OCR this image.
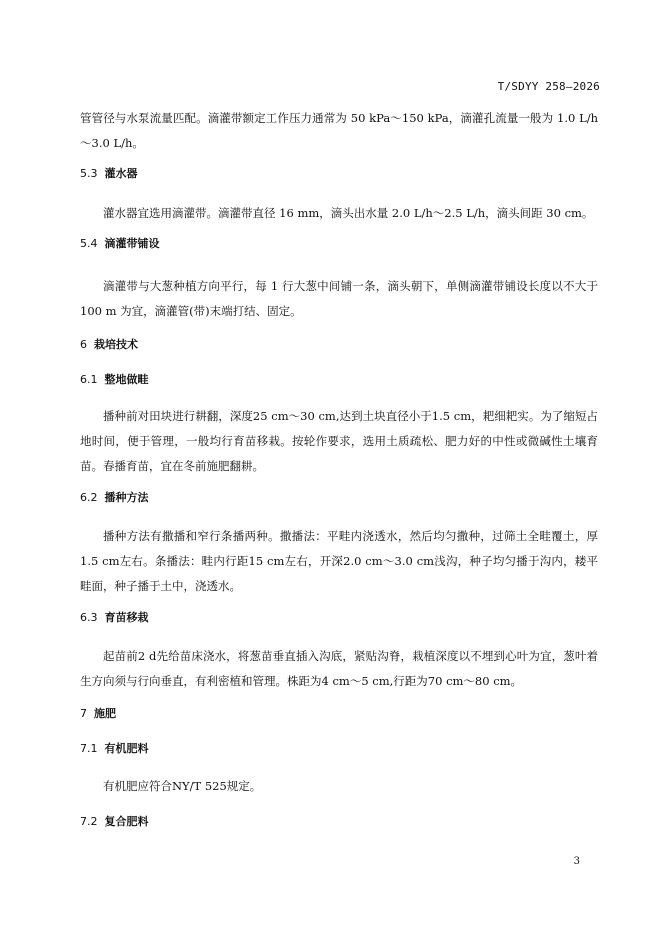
T/SDYY 258—2026

管管径与水泵流量匹配。滴灌带额定工作压力通常为 50 kPa～150 kPa，滴灌孔流量一般为 1.0 L/h～3.0 L/h。

5.3 灌水器

灌水器宜选用滴灌带。滴灌带直径 16 mm，滴头出水量 2.0 L/h～2.5 L/h，滴头间距 30 cm。

5.4 滴灌带铺设

滴灌带与大葱种植方向平行，每 1 行大葱中间铺一条，滴头朝下，单侧滴灌带铺设长度以不大于 100 m 为宜，滴灌管(带)末端打结、固定。

6 栽培技术
6.1 整地做畦

播种前对田块进行耕翻，深度25 cm～30 cm,达到土块直径小于1.5 cm，耙细耙实。为了缩短占地时间，便于管理，一般均行育苗移栽。按轮作要求，选用土质疏松、肥力好的中性或微碱性土壤育苗。春播育苗，宜在冬前施肥翻耕。

6.2 播种方法

播种方法有撒播和窄行条播两种。撒播法：平畦内浇透水，然后均匀撒种，过筛土全畦覆土，厚1.5 cm左右。条播法：畦内行距15 cm左右，开深2.0 cm～3.0 cm浅沟，种子均匀播于沟内，耧平畦面，种子播于土中，浇透水。

6.3 育苗移栽

起苗前2 d先给苗床浇水，将葱苗垂直插入沟底，紧贴沟脊，栽植深度以不埋到心叶为宜，葱叶着生方向须与行向垂直，有利密植和管理。株距为4 cm～5 cm,行距为70 cm～80 cm。

7 施肥
7.1 有机肥料

有机肥应符合NY/T 525规定。

7.2 复合肥料
3
